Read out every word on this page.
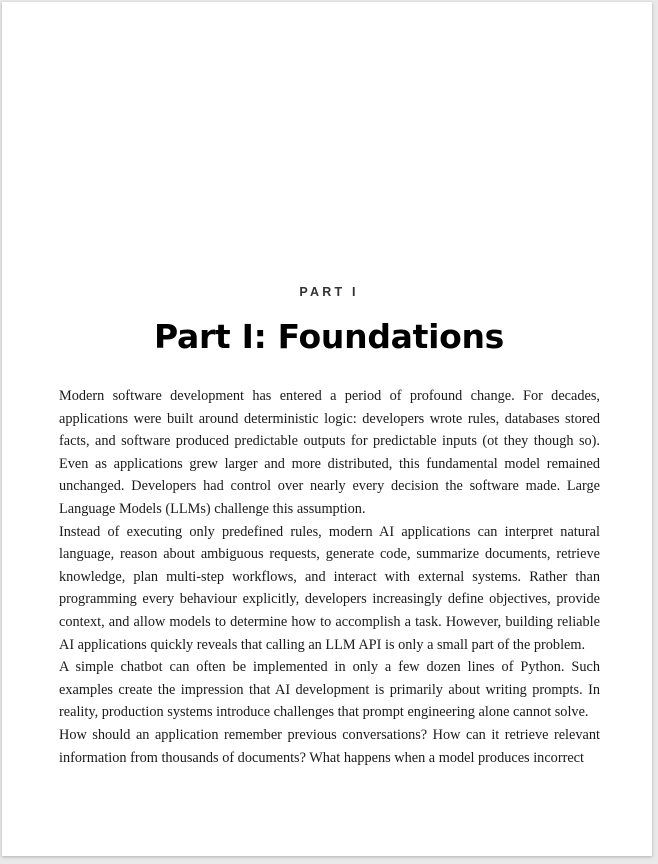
PART I
Part I: Foundations

Modern software development has entered a period of profound change. For decades, applications were built around deterministic logic: developers wrote rules, databases stored facts, and software produced predictable outputs for predictable inputs (ot they though so). Even as applications grew larger and more distributed, this fundamental model remained unchanged. Developers had control over nearly every decision the software made. Large Language Models (LLMs) challenge this assumption.

Instead of executing only predefined rules, modern AI applications can interpret natural language, reason about ambiguous requests, generate code, summarize documents, retrieve knowledge, plan multi-step workflows, and interact with external systems. Rather than programming every behaviour explicitly, developers increasingly define objectives, provide context, and allow models to determine how to accomplish a task. However, building reliable AI applications quickly reveals that calling an LLM API is only a small part of the problem.

A simple chatbot can often be implemented in only a few dozen lines of Python. Such examples create the impression that AI development is primarily about writing prompts. In reality, production systems introduce challenges that prompt engineering alone cannot solve.

How should an application remember previous conversations? How can it retrieve relevant information from thousands of documents? What happens when a model produces incorrect
